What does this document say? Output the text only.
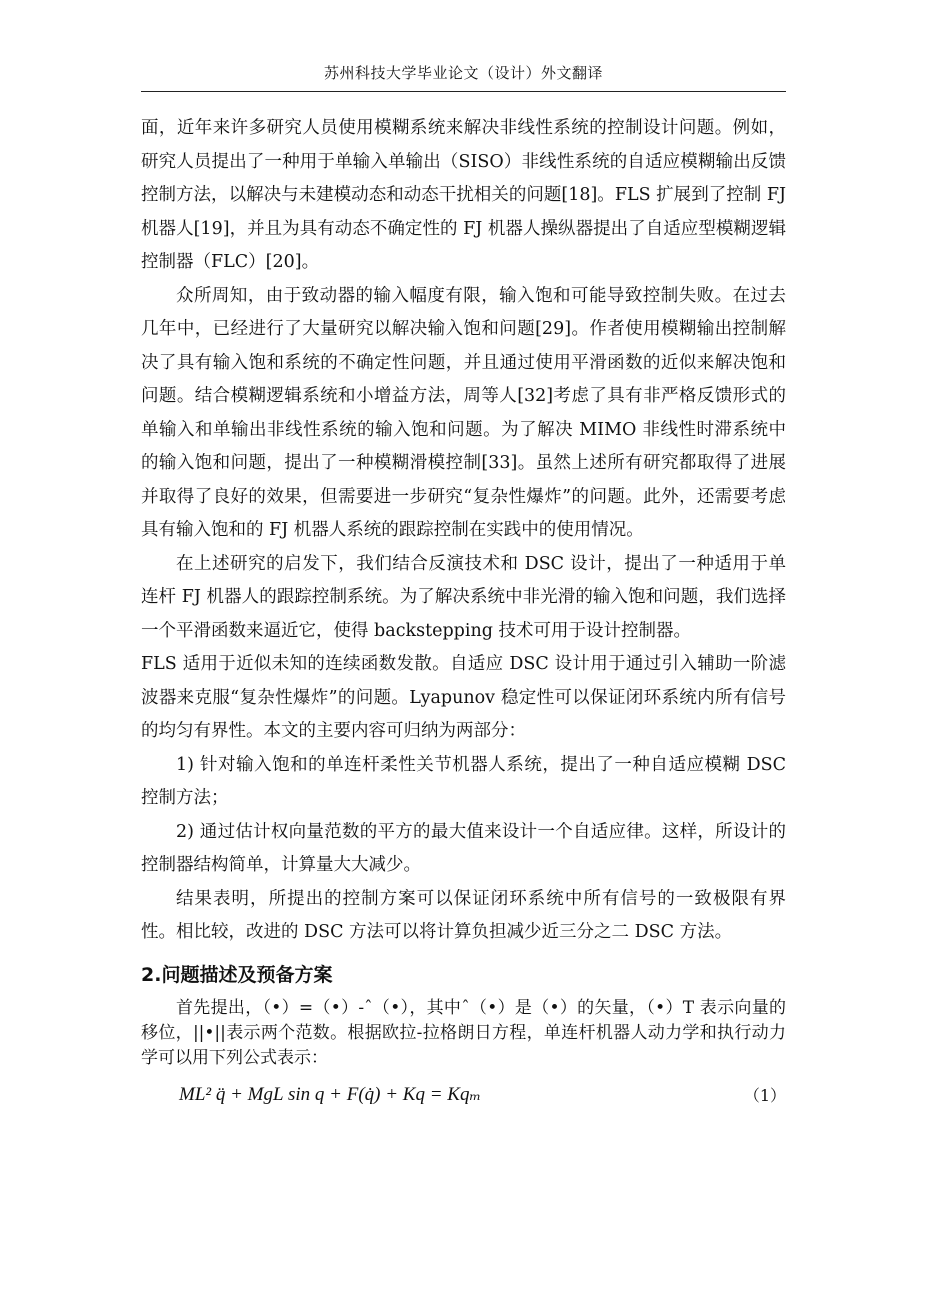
苏州科技大学毕业论文（设计）外文翻译

面，近年来许多研究人员使用模糊系统来解决非线性系统的控制设计问题。例如，研究人员提出了一种用于单输入单输出（SISO）非线性系统的自适应模糊输出反馈控制方法，以解决与未建模动态和动态干扰相关的问题[18]。FLS 扩展到了控制 FJ 机器人[19]，并且为具有动态不确定性的 FJ 机器人操纵器提出了自适应型模糊逻辑控制器（FLC）[20]。

众所周知，由于致动器的输入幅度有限，输入饱和可能导致控制失败。在过去几年中，已经进行了大量研究以解决输入饱和问题[29]。作者使用模糊输出控制解决了具有输入饱和系统的不确定性问题，并且通过使用平滑函数的近似来解决饱和问题。结合模糊逻辑系统和小增益方法，周等人[32]考虑了具有非严格反馈形式的单输入和单输出非线性系统的输入饱和问题。为了解决 MIMO 非线性时滞系统中的输入饱和问题，提出了一种模糊滑模控制[33]。虽然上述所有研究都取得了进展并取得了良好的效果，但需要进一步研究“复杂性爆炸”的问题。此外，还需要考虑具有输入饱和的 FJ 机器人系统的跟踪控制在实践中的使用情况。

在上述研究的启发下，我们结合反演技术和 DSC 设计，提出了一种适用于单连杆 FJ 机器人的跟踪控制系统。为了解决系统中非光滑的输入饱和问题，我们选择一个平滑函数来逼近它，使得 backstepping 技术可用于设计控制器。

FLS 适用于近似未知的连续函数发散。自适应 DSC 设计用于通过引入辅助一阶滤波器来克服“复杂性爆炸”的问题。Lyapunov 稳定性可以保证闭环系统内所有信号的均匀有界性。本文的主要内容可归纳为两部分：

1) 针对输入饱和的单连杆柔性关节机器人系统，提出了一种自适应模糊 DSC 控制方法；

2) 通过估计权向量范数的平方的最大值来设计一个自适应律。这样，所设计的控制器结构简单，计算量大大减少。

结果表明，所提出的控制方案可以保证闭环系统中所有信号的一致极限有界性。相比较，改进的 DSC 方法可以将计算负担减少近三分之二 DSC 方法。

2.问题描述及预备方案

首先提出，（•）=（•）-ˆ（•），其中ˆ（•）是（•）的矢量，（•）T 表示向量的移位，||•||表示两个范数。根据欧拉-拉格朗日方程，单连杆机器人动力学和执行动力学可以用下列公式表示：

ML² q̈ + MgL sin q + F(q̇) + Kq = Kqₘ	（1）
